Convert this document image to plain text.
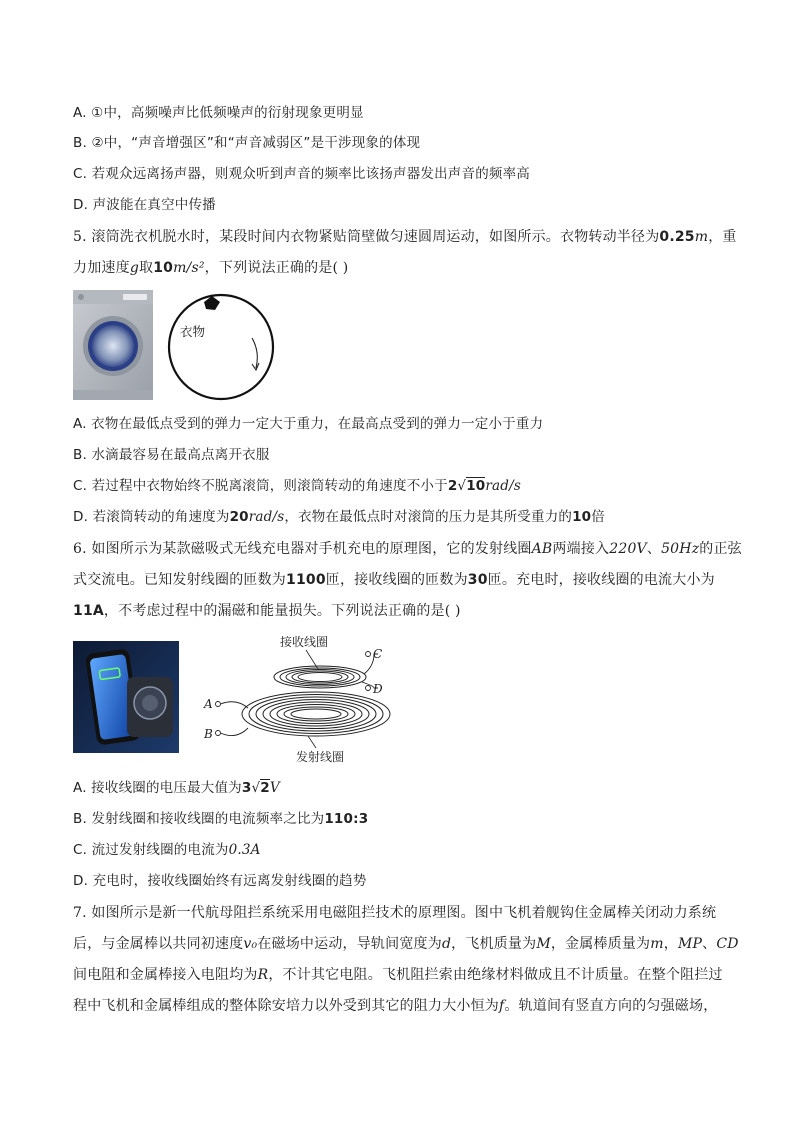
A. ①中，高频噪声比低频噪声的衍射现象更明显
B. ②中，“声音增强区”和“声音减弱区”是干涉现象的体现
C. 若观众远离扬声器，则观众听到声音的频率比该扬声器发出声音的频率高
D. 声波能在真空中传播
5. 滚筒洗衣机脱水时，某段时间内衣物紧贴筒壁做匀速圆周运动，如图所示。衣物转动半径为0.25m，重
力加速度g取10m/s²，下列说法正确的是( )
衣物
A. 衣物在最低点受到的弹力一定大于重力，在最高点受到的弹力一定小于重力
B. 水滴最容易在最高点离开衣服
C. 若过程中衣物始终不脱离滚筒，则滚筒转动的角速度不小于2√10rad/s
D. 若滚筒转动的角速度为20rad/s，衣物在最低点时对滚筒的压力是其所受重力的10倍
6. 如图所示为某款磁吸式无线充电器对手机充电的原理图，它的发射线圈AB两端接入220V、50Hz的正弦
式交流电。已知发射线圈的匝数为1100匝，接收线圈的匝数为30匝。充电时，接收线圈的电流大小为
11A，不考虑过程中的漏磁和能量损失。下列说法正确的是( )
接收线圈
C
D
A
B
发射线圈
A. 接收线圈的电压最大值为3√2V
B. 发射线圈和接收线圈的电流频率之比为110:3
C. 流过发射线圈的电流为0.3A
D. 充电时，接收线圈始终有远离发射线圈的趋势
7. 如图所示是新一代航母阻拦系统采用电磁阻拦技术的原理图。图中飞机着舰钩住金属棒关闭动力系统
后，与金属棒以共同初速度v₀在磁场中运动，导轨间宽度为d，飞机质量为M，金属棒质量为m，MP、CD
间电阻和金属棒接入电阻均为R，不计其它电阻。飞机阻拦索由绝缘材料做成且不计质量。在整个阻拦过
程中飞机和金属棒组成的整体除安培力以外受到其它的阻力大小恒为f。轨道间有竖直方向的匀强磁场，
